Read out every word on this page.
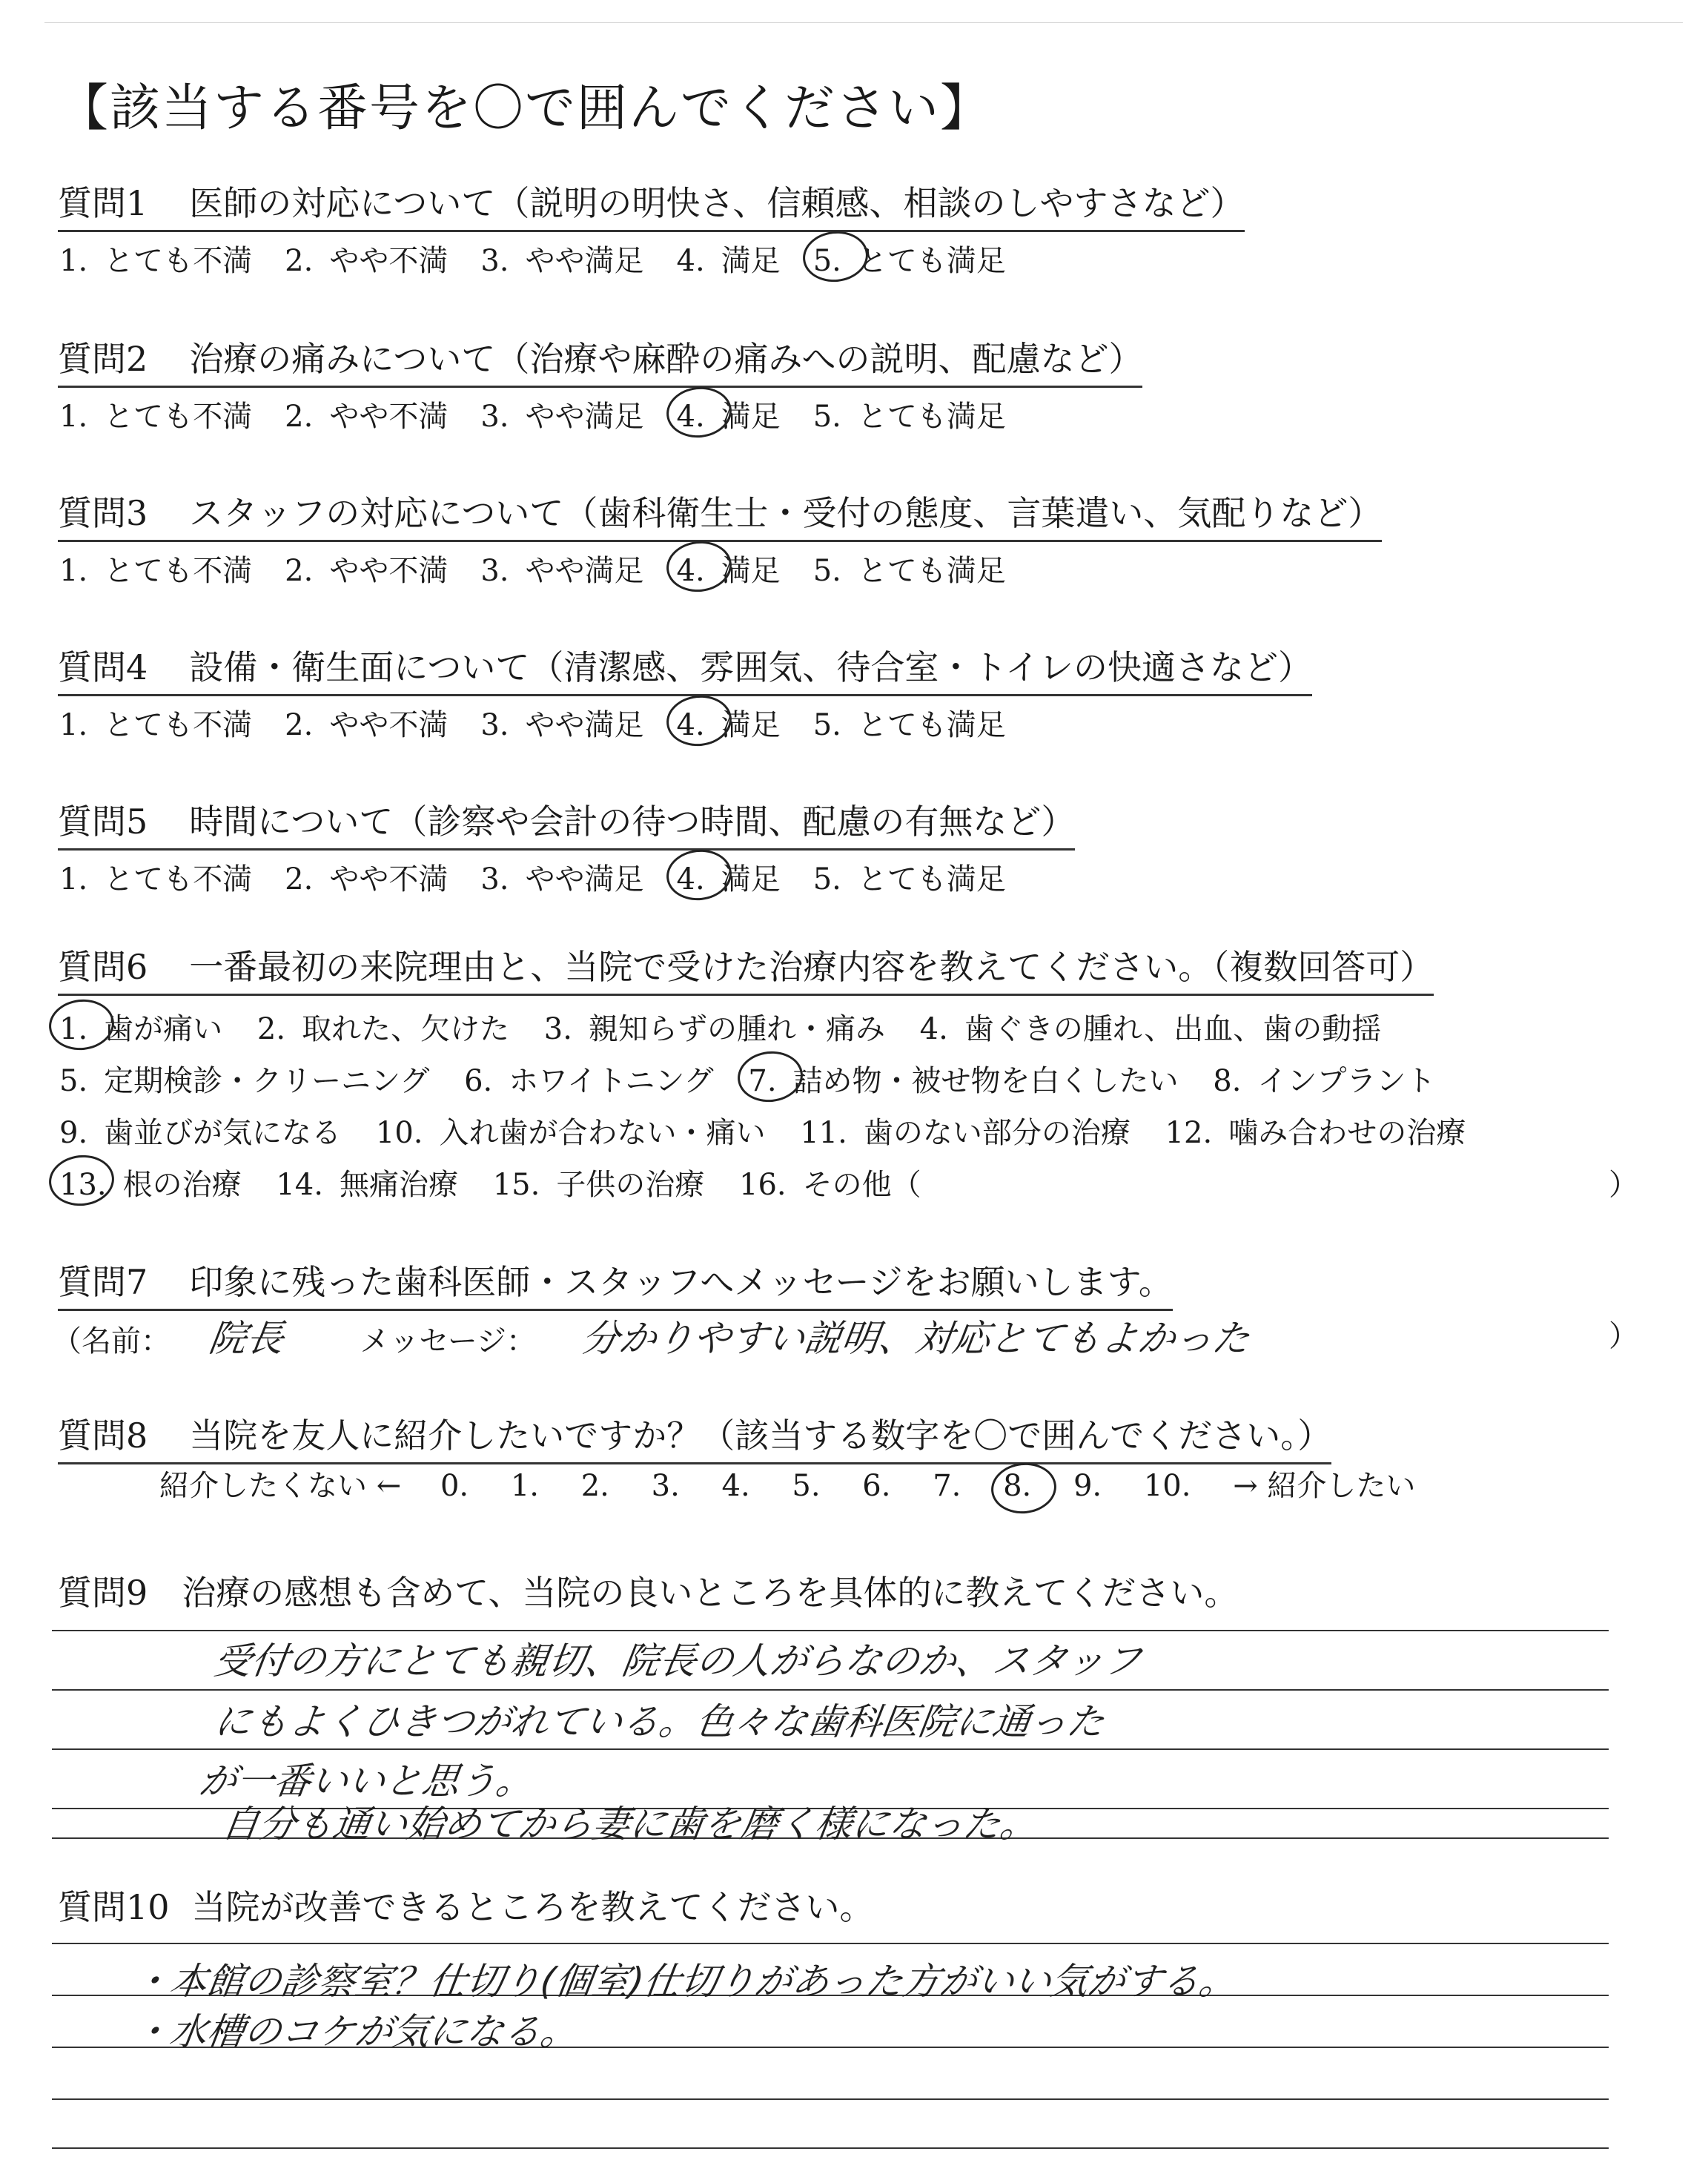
【該当する番号を〇で囲んでください】
質問1 医師の対応について（説明の明快さ、信頼感、相談のしやすさなど）
1. とても不満 2. やや不満 3. やや満足 4. 満足 5. とても満足
質問2 治療の痛みについて（治療や麻酔の痛みへの説明、配慮など）
1. とても不満 2. やや不満 3. やや満足 4. 満足 5. とても満足
質問3 スタッフの対応について（歯科衛生士・受付の態度、言葉遣い、気配りなど）
1. とても不満 2. やや不満 3. やや満足 4. 満足 5. とても満足
質問4 設備・衛生面について（清潔感、雰囲気、待合室・トイレの快適さなど）
1. とても不満 2. やや不満 3. やや満足 4. 満足 5. とても満足
質問5 時間について（診察や会計の待つ時間、配慮の有無など）
1. とても不満 2. やや不満 3. やや満足 4. 満足 5. とても満足
質問6 一番最初の来院理由と、当院で受けた治療内容を教えてください。（複数回答可）
1. 歯が痛い 2. 取れた、欠けた 3. 親知らずの腫れ・痛み 4. 歯ぐきの腫れ、出血、歯の動揺
5. 定期検診・クリーニング 6. ホワイトニング 7. 詰め物・被せ物を白くしたい 8. インプラント
9. 歯並びが気になる 10. 入れ歯が合わない・痛い 11. 歯のない部分の治療 12. 噛み合わせの治療
13. 根の治療 14. 無痛治療 15. 子供の治療 16. その他（	）
質問7 印象に残った歯科医師・スタッフへメッセージをお願いします。
（名前： 院長 メッセージ： 分かりやすい説明、対応とてもよかった	）
質問8 当院を友人に紹介したいですか？（該当する数字を〇で囲んでください。）
紹介したくない ← 0. 1. 2. 3. 4. 5. 6. 7. 8. 9. 10. → 紹介したい
質問9 治療の感想も含めて、当院の良いところを具体的に教えてください。
受付の方にとても親切、院長の人がらなのか、スタッフ
にもよくひきつがれている。色々な歯科医院に通った
が一番いいと思う。
自分も通い始めてから妻に歯を磨く様になった。
質問10 当院が改善できるところを教えてください。
・本館の診察室？仕切り(個室)仕切りがあった方がいい気がする。
・水槽のコケが気になる。
